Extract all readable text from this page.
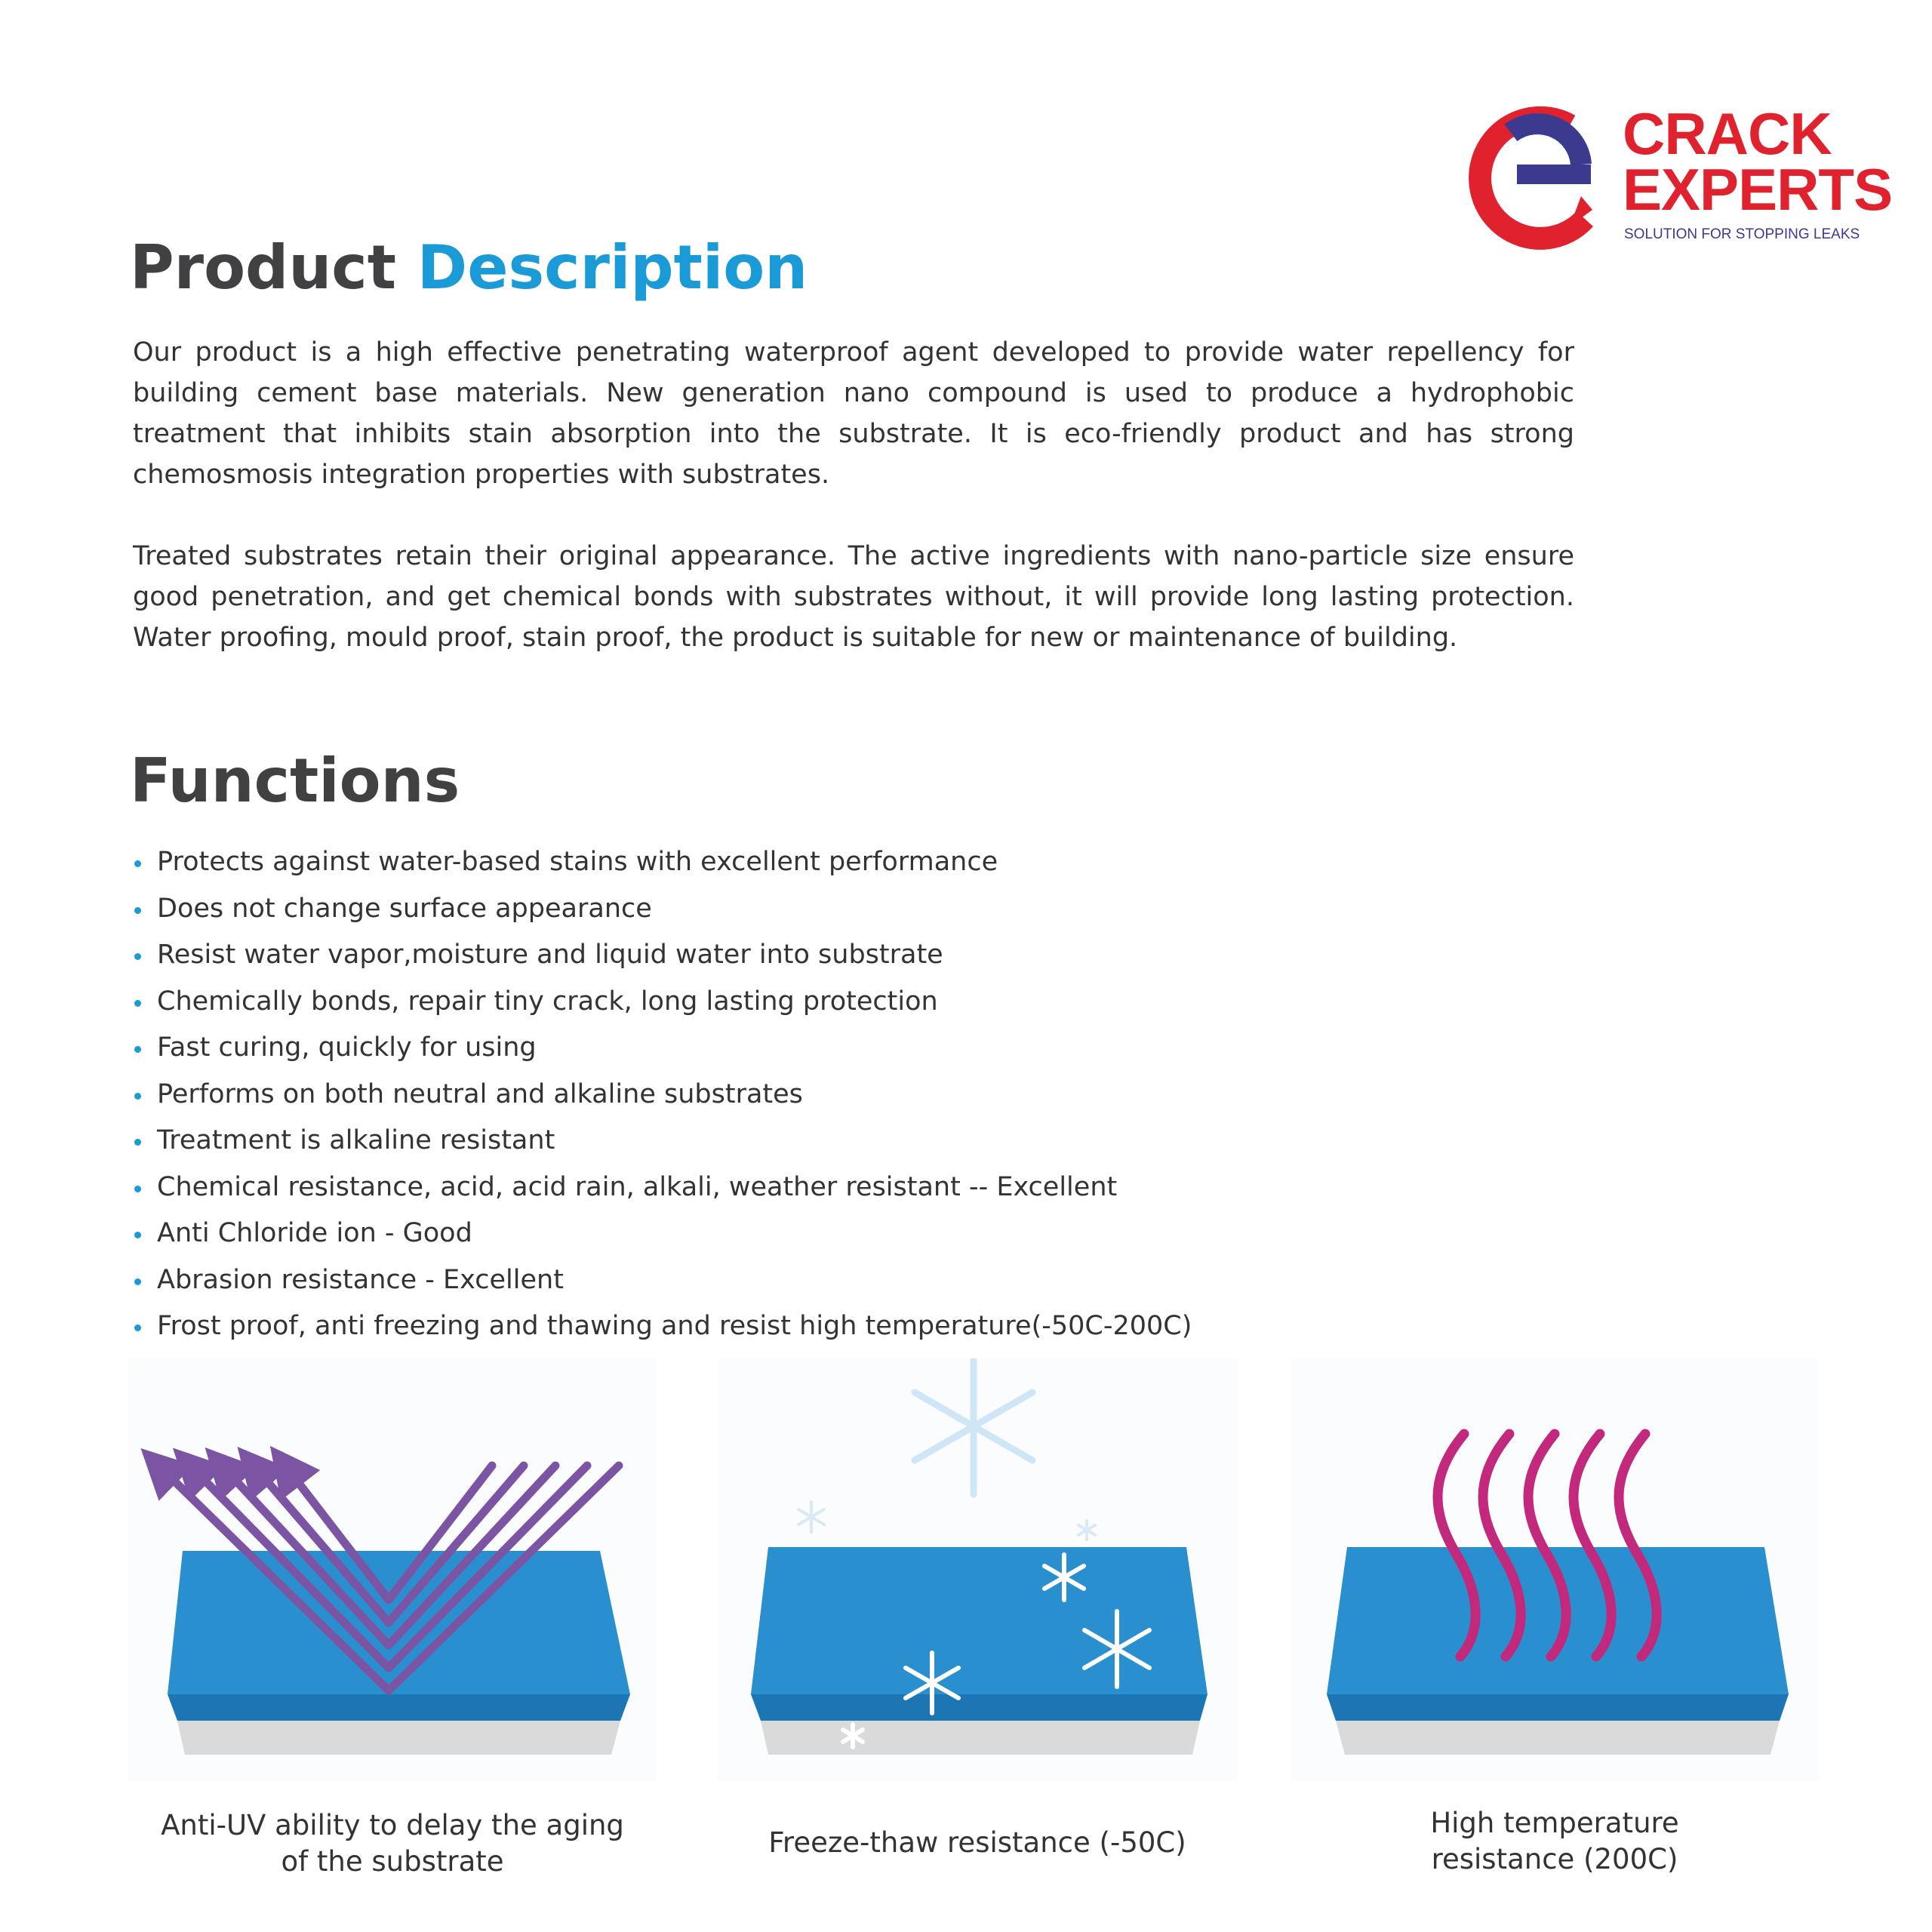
CRACK
EXPERTS
SOLUTION FOR STOPPING LEAKS
Product Description

Our product is a high effective penetrating waterproof agent developed to provide water repellency for building cement base materials. New generation nano compound is used to produce a hydrophobic treatment that inhibits stain absorption into the substrate. It is eco-friendly product and has strong chemosmosis integration properties with substrates.

Treated substrates retain their original appearance. The active ingredients with nano-particle size ensure good penetration, and get chemical bonds with substrates without, it will provide long lasting protection. Water proofing, mould proof, stain proof, the product is suitable for new or maintenance of building.

Functions
Protects against water-based stains with excellent performance
Does not change surface appearance
Resist water vapor,moisture and liquid water into substrate
Chemically bonds, repair tiny crack, long lasting protection
Fast curing, quickly for using
Performs on both neutral and alkaline substrates
Treatment is alkaline resistant
Chemical resistance, acid, acid rain, alkali, weather resistant -- Excellent
Anti Chloride ion - Good
Abrasion resistance - Excellent
Frost proof, anti freezing and thawing and resist high temperature(-50C-200C)
Anti-UV ability to delay the aging
of the substrate
Freeze-thaw resistance (-50C)
High temperature
resistance (200C)
